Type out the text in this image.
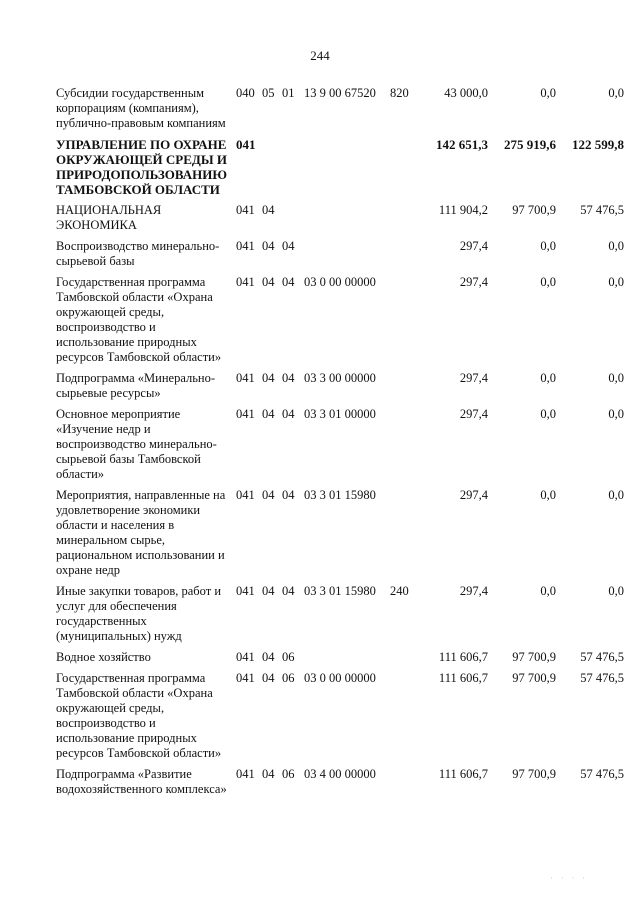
244
Субсидии государственным корпорациям (компаниям), публично-правовым компаниям	040	05	01	13 9 00 67520	820	43 000,0	0,0	0,0
УПРАВЛЕНИЕ ПО ОХРАНЕ ОКРУЖАЮЩЕЙ СРЕДЫ И ПРИРОДОПОЛЬЗОВАНИЮ ТАМБОВСКОЙ ОБЛАСТИ	041					142 651,3	275 919,6	122 599,8
НАЦИОНАЛЬНАЯ ЭКОНОМИКА	041	04				111 904,2	97 700,9	57 476,5
Воспроизводство минерально-сырьевой базы	041	04	04			297,4	0,0	0,0
Государственная программа Тамбовской области «Охрана окружающей среды, воспроизводство и использование природных ресурсов Тамбовской области»	041	04	04	03 0 00 00000		297,4	0,0	0,0
Подпрограмма «Минерально-сырьевые ресурсы»	041	04	04	03 3 00 00000		297,4	0,0	0,0
Основное мероприятие «Изучение недр и воспроизводство минерально-сырьевой базы Тамбовской области»	041	04	04	03 3 01 00000		297,4	0,0	0,0
Мероприятия, направленные на удовлетворение экономики области и населения в минеральном сырье, рациональном использовании и охране недр	041	04	04	03 3 01 15980		297,4	0,0	0,0
Иные закупки товаров, работ и услуг для обеспечения государственных (муниципальных) нужд	041	04	04	03 3 01 15980	240	297,4	0,0	0,0
Водное хозяйство	041	04	06			111 606,7	97 700,9	57 476,5
Государственная программа Тамбовской области «Охрана окружающей среды, воспроизводство и использование природных ресурсов Тамбовской области»	041	04	06	03 0 00 00000		111 606,7	97 700,9	57 476,5
Подпрограмма «Развитие водохозяйственного комплекса»	041	04	06	03 4 00 00000		111 606,7	97 700,9	57 476,5
· · · ·
